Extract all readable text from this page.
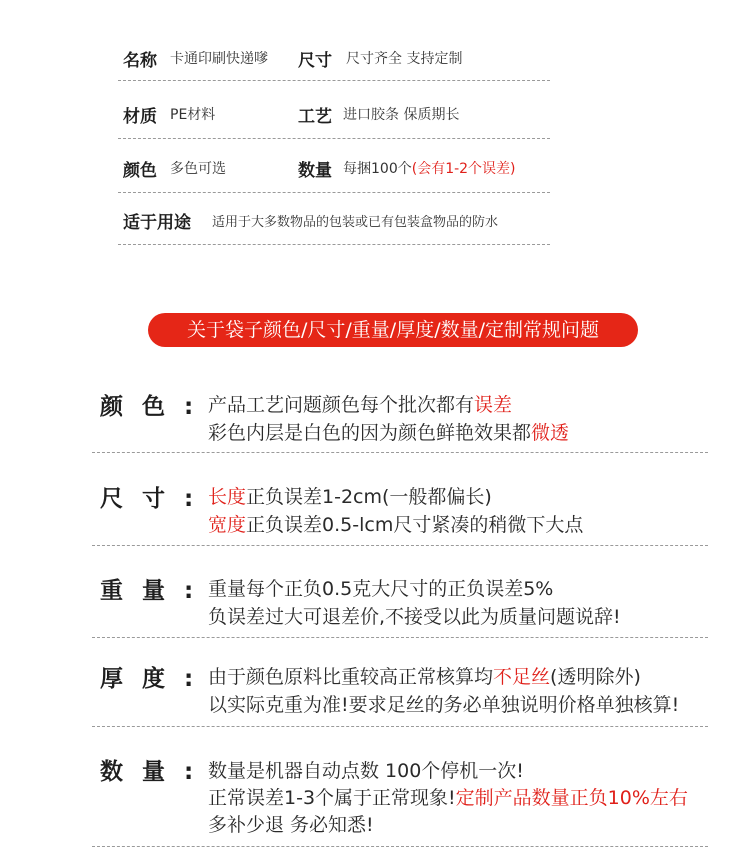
名称 卡通印刷快递嗲 尺寸 尺寸齐全 支持定制
材质 PE材料	工艺 进口胶条 保质期长
颜色 多色可选	数量 每捆100个(会有1-2个误差)
适于用途 适用于大多数物品的包装或已有包装盒物品的防水
关于袋子颜色/尺寸/重量/厚度/数量/定制常规问题
颜色:
产品工艺问题颜色每个批次都有误差
彩色内层是白色的因为颜色鲜艳效果都微透
尺寸:
长度正负误差1-2cm(一般都偏长)
宽度正负误差0.5-lcm尺寸紧凑的稍微下大点
重量:
重量每个正负0.5克大尺寸的正负误差5%
负误差过大可退差价,不接受以此为质量问题说辞!
厚度:
由于颜色原料比重较高正常核算均不足丝(透明除外)
以实际克重为准!要求足丝的务必单独说明价格单独核算!
数量:
数量是机器自动点数 100个停机一次!
正常误差1-3个属于正常现象!定制产品数量正负10%左右
多补少退 务必知悉!
